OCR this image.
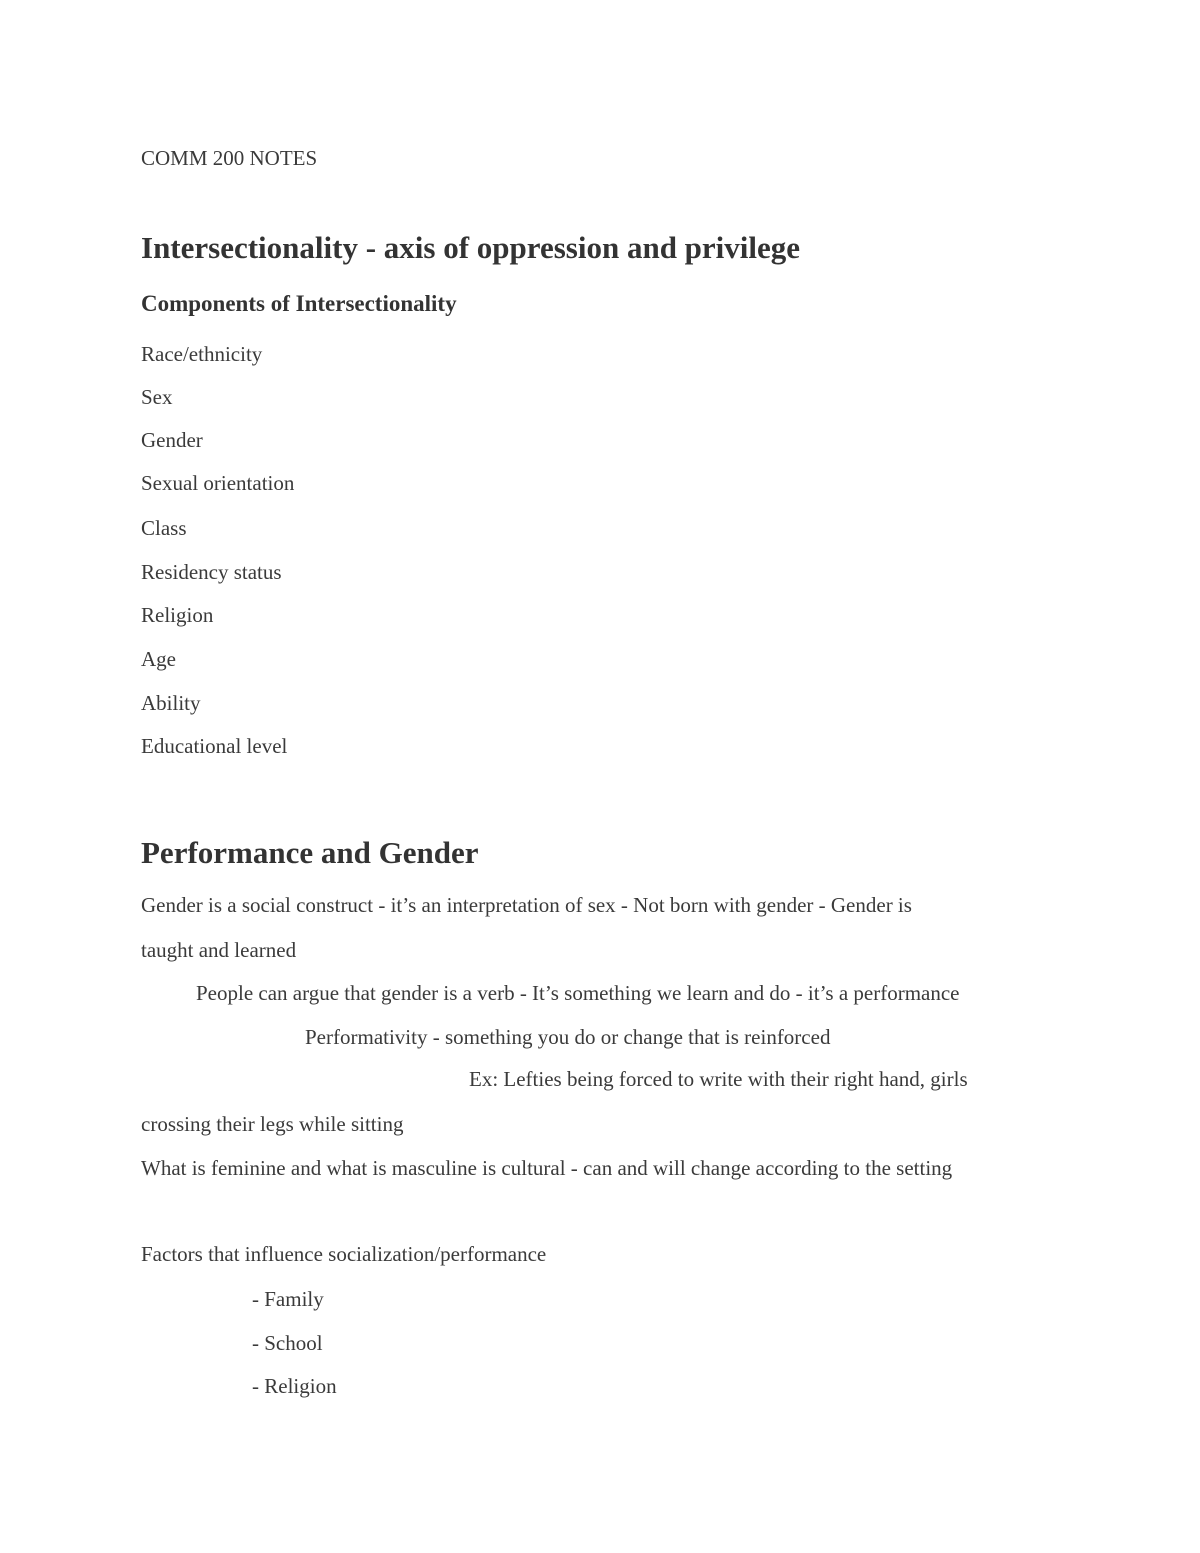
COMM 200 NOTES
Intersectionality - axis of oppression and privilege
Components of Intersectionality
Race/ethnicity
Sex
Gender
Sexual orientation
Class
Residency status
Religion
Age
Ability
Educational level
Performance and Gender
Gender is a social construct - it’s an interpretation of sex - Not born with gender - Gender is
taught and learned
People can argue that gender is a verb - It’s something we learn and do - it’s a performance
Performativity - something you do or change that is reinforced
Ex: Lefties being forced to write with their right hand, girls
crossing their legs while sitting
What is feminine and what is masculine is cultural - can and will change according to the setting
Factors that influence socialization/performance
- Family
- School
- Religion
